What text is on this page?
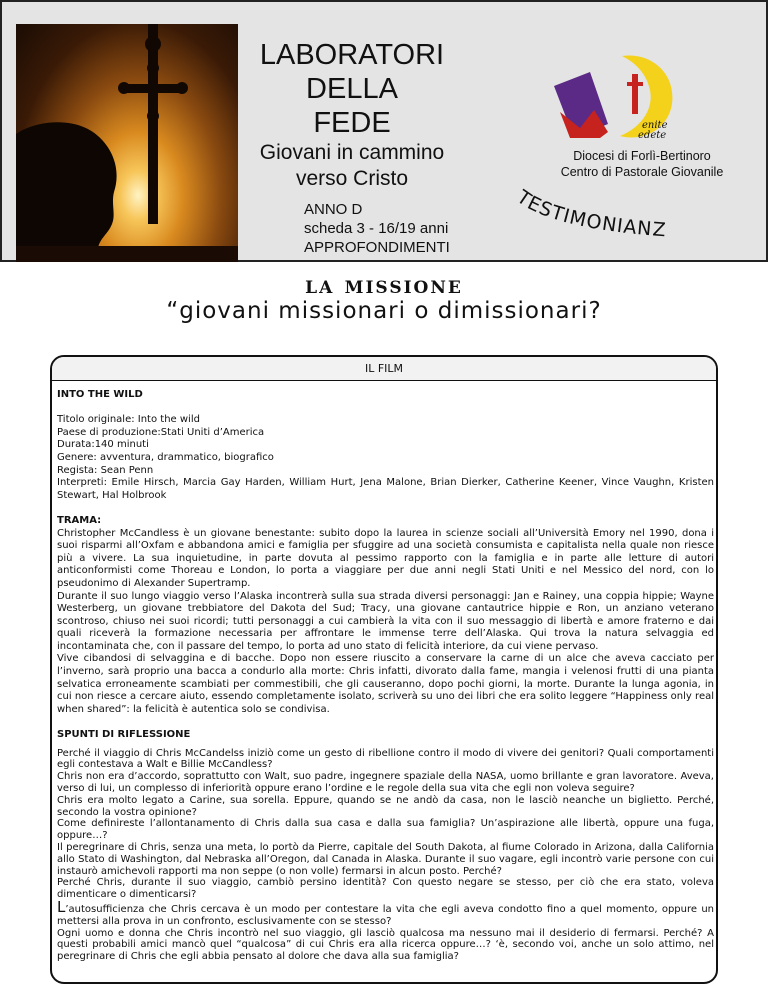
LABORATORI
DELLA
FEDE
Giovani in cammino
verso Cristo
ANNO D
scheda 3 - 16/19 anni
APPROFONDIMENTI
enite
edete
Diocesi di Forlì-Bertinoro
Centro di Pastorale Giovanile
TESTIMONIANZ
la missione
“giovani missionari o dimissionari?
IL FILM

INTO THE WILD

Titolo originale: Into the wild

Paese di produzione:Stati Uniti d’America

Durata:140 minuti

Genere: avventura, drammatico, biografico

Regista: Sean Penn

Interpreti: Emile Hirsch, Marcia Gay Harden, William Hurt, Jena Malone, Brian Dierker, Catherine Keener, Vince Vaughn, Kristen Stewart, Hal Holbrook

TRAMA:

Christopher McCandless è un giovane benestante: subito dopo la laurea in scienze sociali all’Università Emory nel 1990, dona i suoi risparmi all’Oxfam e abbandona amici e famiglia per sfuggire ad una società consumista e capitalista nella quale non riesce più a vivere. La sua inquietudine, in parte dovuta al pessimo rapporto con la famiglia e in parte alle letture di autori anticonformisti come Thoreau e London, lo porta a viaggiare per due anni negli Stati Uniti e nel Messico del nord, con lo pseudonimo di Alexander Supertramp.

Durante il suo lungo viaggio verso l’Alaska incontrerà sulla sua strada diversi personaggi: Jan e Rainey, una coppia hippie; Wayne Westerberg, un giovane trebbiatore del Dakota del Sud; Tracy, una giovane cantautrice hippie e Ron, un anziano veterano scontroso, chiuso nei suoi ricordi; tutti personaggi a cui cambierà la vita con il suo messaggio di libertà e amore fraterno e dai quali riceverà la formazione necessaria per affrontare le immense terre dell’Alaska. Qui trova la natura selvaggia ed incontaminata che, con il passare del tempo, lo porta ad uno stato di felicità interiore, da cui viene pervaso.

Vive cibandosi di selvaggina e di bacche. Dopo non essere riuscito a conservare la carne di un alce che aveva cacciato per l’inverno, sarà proprio una bacca a condurlo alla morte: Chris infatti, divorato dalla fame, mangia i velenosi frutti di una pianta selvatica erroneamente scambiati per commestibili, che gli causeranno, dopo pochi giorni, la morte. Durante la lunga agonia, in cui non riesce a cercare aiuto, essendo completamente isolato, scriverà su uno dei libri che era solito leggere “Happiness only real when shared”: la felicità è autentica solo se condivisa.

SPUNTI DI RIFLESSIONE

Perché il viaggio di Chris McCandelss iniziò come un gesto di ribellione contro il modo di vivere dei genitori? Quali comportamenti egli contestava a Walt e Billie McCandless?

Chris non era d’accordo, soprattutto con Walt, suo padre, ingegnere spaziale della NASA, uomo brillante e gran lavoratore. Aveva, verso di lui, un complesso di inferiorità oppure erano l’ordine e le regole della sua vita che egli non voleva seguire?

Chris era molto legato a Carine, sua sorella. Eppure, quando se ne andò da casa, non le lasciò neanche un biglietto. Perché, secondo la vostra opinione?

Come definireste l’allontanamento di Chris dalla sua casa e dalla sua famiglia? Un’aspirazione alle libertà, oppure una fuga, oppure…?

Il peregrinare di Chris, senza una meta, lo portò da Pierre, capitale del South Dakota, al fiume Colorado in Arizona, dalla California allo Stato di Washington, dal Nebraska all’Oregon, dal Canada in Alaska. Durante il suo vagare, egli incontrò varie persone con cui instaurò amichevoli rapporti ma non seppe (o non volle) fermarsi in alcun posto. Perché?

Perché Chris, durante il suo viaggio, cambiò persino identità? Con questo negare se stesso, per ciò che era stato, voleva dimenticare o dimenticarsi?

L’autosufficienza che Chris cercava è un modo per contestare la vita che egli aveva condotto fino a quel momento, oppure un mettersi alla prova in un confronto, esclusivamente con se stesso?

Ogni uomo e donna che Chris incontrò nel suo viaggio, gli lasciò qualcosa ma nessuno mai il desiderio di fermarsi. Perché? A questi probabili amici mancò quel “qualcosa” di cui Chris era alla ricerca oppure…? ‘è, secondo voi, anche un solo attimo, nel peregrinare di Chris che egli abbia pensato al dolore che dava alla sua famiglia?
